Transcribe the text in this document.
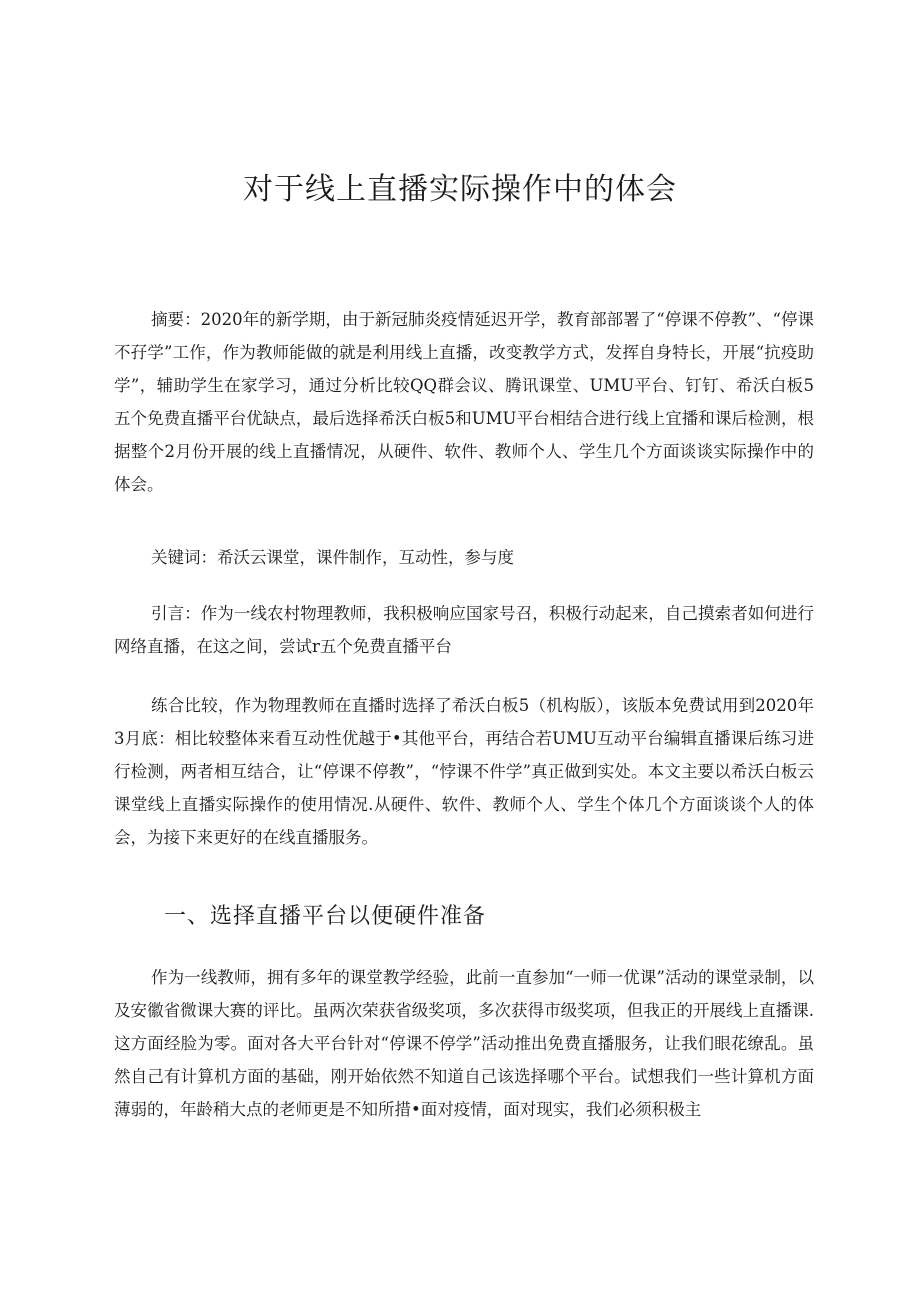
对于线上直播实际操作中的体会

摘要：2020年的新学期，由于新冠肺炎疫情延迟开学，教育部部署了“停课不停教”、“停课不孖学”工作，作为教师能做的就是利用线上直播，改变教学方式，发挥自身特长，开展“抗疫助学”，辅助学生在家学习，通过分析比较QQ群会议、腾讯课堂、UMU平台、钉钉、希沃白板5五个免费直播平台优缺点，最后选择希沃白板5和UMU平台相结合进行线上宜播和课后检测，根据整个2月份开展的线上直播情况，从硬件、软件、教师个人、学生几个方面谈谈实际操作中的体会。

关键词：希沃云课堂，课件制作，互动性，参与度

引言：作为一线农村物理教师，我积极响应国家号召，积极行动起来，自己摸索者如何进行网络直播，在这之间，尝试r五个免费直播平台

练合比较，作为物理教师在直播时选择了希沃白板5（机构版），该版本免费试用到2020年3月底：相比较整体来看互动性优越于•其他平台，再结合若UMU互动平台编辑直播课后练习进行检测，两者相互结合，让“停课不停教”，“悖课不件学”真正做到实处。本文主要以希沃白板云课堂线上直播实际操作的使用情况.从硬件、软件、教师个人、学生个体几个方面谈谈个人的体会，为接下来更好的在线直播服务。

一、选择直播平台以便硬件准备

作为一线教师，拥有多年的课堂教学经验，此前一直参加“一师一优课”活动的课堂录制，以及安徽省微课大赛的评比。虽两次荣获省级奖项，多次获得市级奖项，但我正的开展线上直播课.这方面经脸为零。面对各大平台针对“停课不停学”活动推出免费直播服务，让我们眼花缭乱。虽然自己有计算机方面的基础，刚开始依然不知道自己该选择哪个平台。试想我们一些计算机方面薄弱的，年龄稍大点的老师更是不知所措•面对疫情，面对现实，我们必须积极主
